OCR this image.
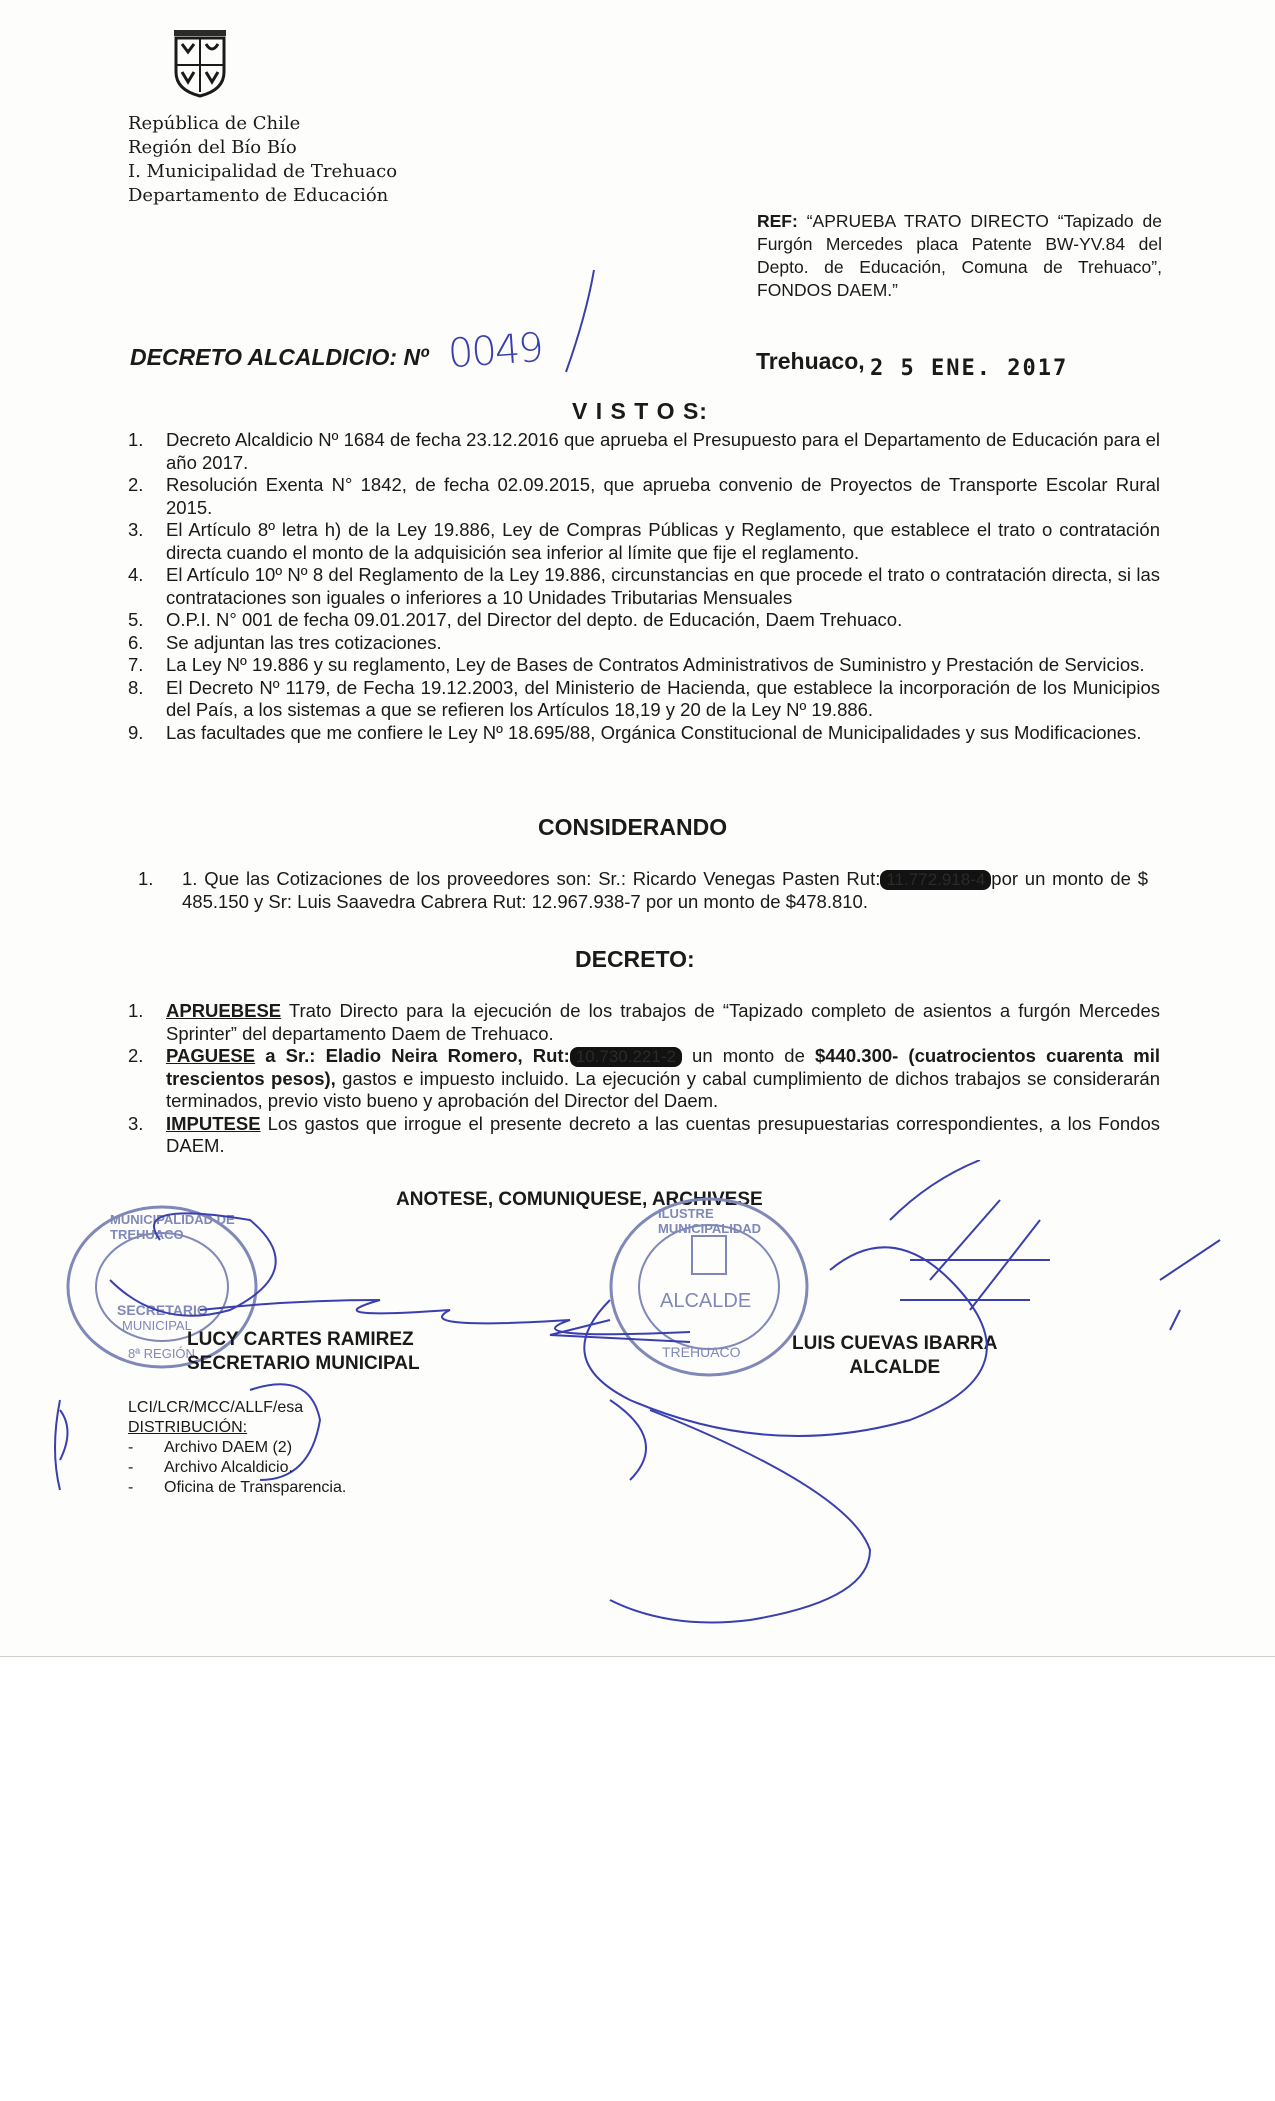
República de Chile
Región del Bío Bío
I. Municipalidad de Trehuaco
Departamento de Educación
REF: “APRUEBA TRATO DIRECTO “Tapizado de Furgón Mercedes placa Patente BW-YV.84 del Depto. de Educación, Comuna de Trehuaco”, FONDOS DAEM.”
DECRETO ALCALDICIO: Nº 0049	Trehuaco, 2 5 ENE. 2017
V I S T O S:
1. Decreto Alcaldicio Nº 1684 de fecha 23.12.2016 que aprueba el Presupuesto para el Departamento de Educación para el año 2017.
2. Resolución Exenta N° 1842, de fecha 02.09.2015, que aprueba convenio de Proyectos de Transporte Escolar Rural 2015.
3. El Artículo 8º letra h) de la Ley 19.886, Ley de Compras Públicas y Reglamento, que establece el trato o contratación directa cuando el monto de la adquisición sea inferior al límite que fije el reglamento.
4. El Artículo 10º Nº 8 del Reglamento de la Ley 19.886, circunstancias en que procede el trato o contratación directa, si las contrataciones son iguales o inferiores a 10 Unidades Tributarias Mensuales
5. O.P.I. N° 001 de fecha 09.01.2017, del Director del depto. de Educación, Daem Trehuaco.
6. Se adjuntan las tres cotizaciones.
7. La Ley Nº 19.886 y su reglamento, Ley de Bases de Contratos Administrativos de Suministro y Prestación de Servicios.
8. El Decreto Nº 1179, de Fecha 19.12.2003, del Ministerio de Hacienda, que establece la incorporación de los Municipios del País, a los sistemas a que se refieren los Artículos 18,19 y 20 de la Ley Nº 19.886.
9. Las facultades que me confiere le Ley Nº 18.695/88, Orgánica Constitucional de Municipalidades y sus Modificaciones.
CONSIDERANDO
1. 1. Que las Cotizaciones de los proveedores son: Sr.: Ricardo Venegas Pasten Rut: 11.772.918-4 por un monto de $ 485.150 y Sr: Luis Saavedra Cabrera Rut: 12.967.938-7 por un monto de $478.810.
DECRETO:
1. APRUEBESE Trato Directo para la ejecución de los trabajos de “Tapizado completo de asientos a furgón Mercedes Sprinter” del departamento Daem de Trehuaco.
2. PAGUESE a Sr.: Eladio Neira Romero, Rut: 10.730.221-2 un monto de $440.300- (cuatrocientos cuarenta mil trescientos pesos), gastos e impuesto incluido. La ejecución y cabal cumplimiento de dichos trabajos se considerarán terminados, previo visto bueno y aprobación del Director del Daem.
3. IMPUTESE Los gastos que irrogue el presente decreto a las cuentas presupuestarias correspondientes, a los Fondos DAEM.
ANOTESE, COMUNIQUESE, ARCHIVESE
MUNICIPALIDAD DE TREHUACO
SECRETARIO
MUNICIPAL
8ª REGIÓN
ILUSTRE MUNICIPALIDAD
ALCALDE
TREHUACO
LUCY CARTES RAMIREZ
SECRETARIO MUNICIPAL
LUIS CUEVAS IBARRA
ALCALDE
LCI/LCR/MCC/ALLF/esa
DISTRIBUCIÓN:
- Archivo DAEM (2)
- Archivo Alcaldicio.
- Oficina de Transparencia.
